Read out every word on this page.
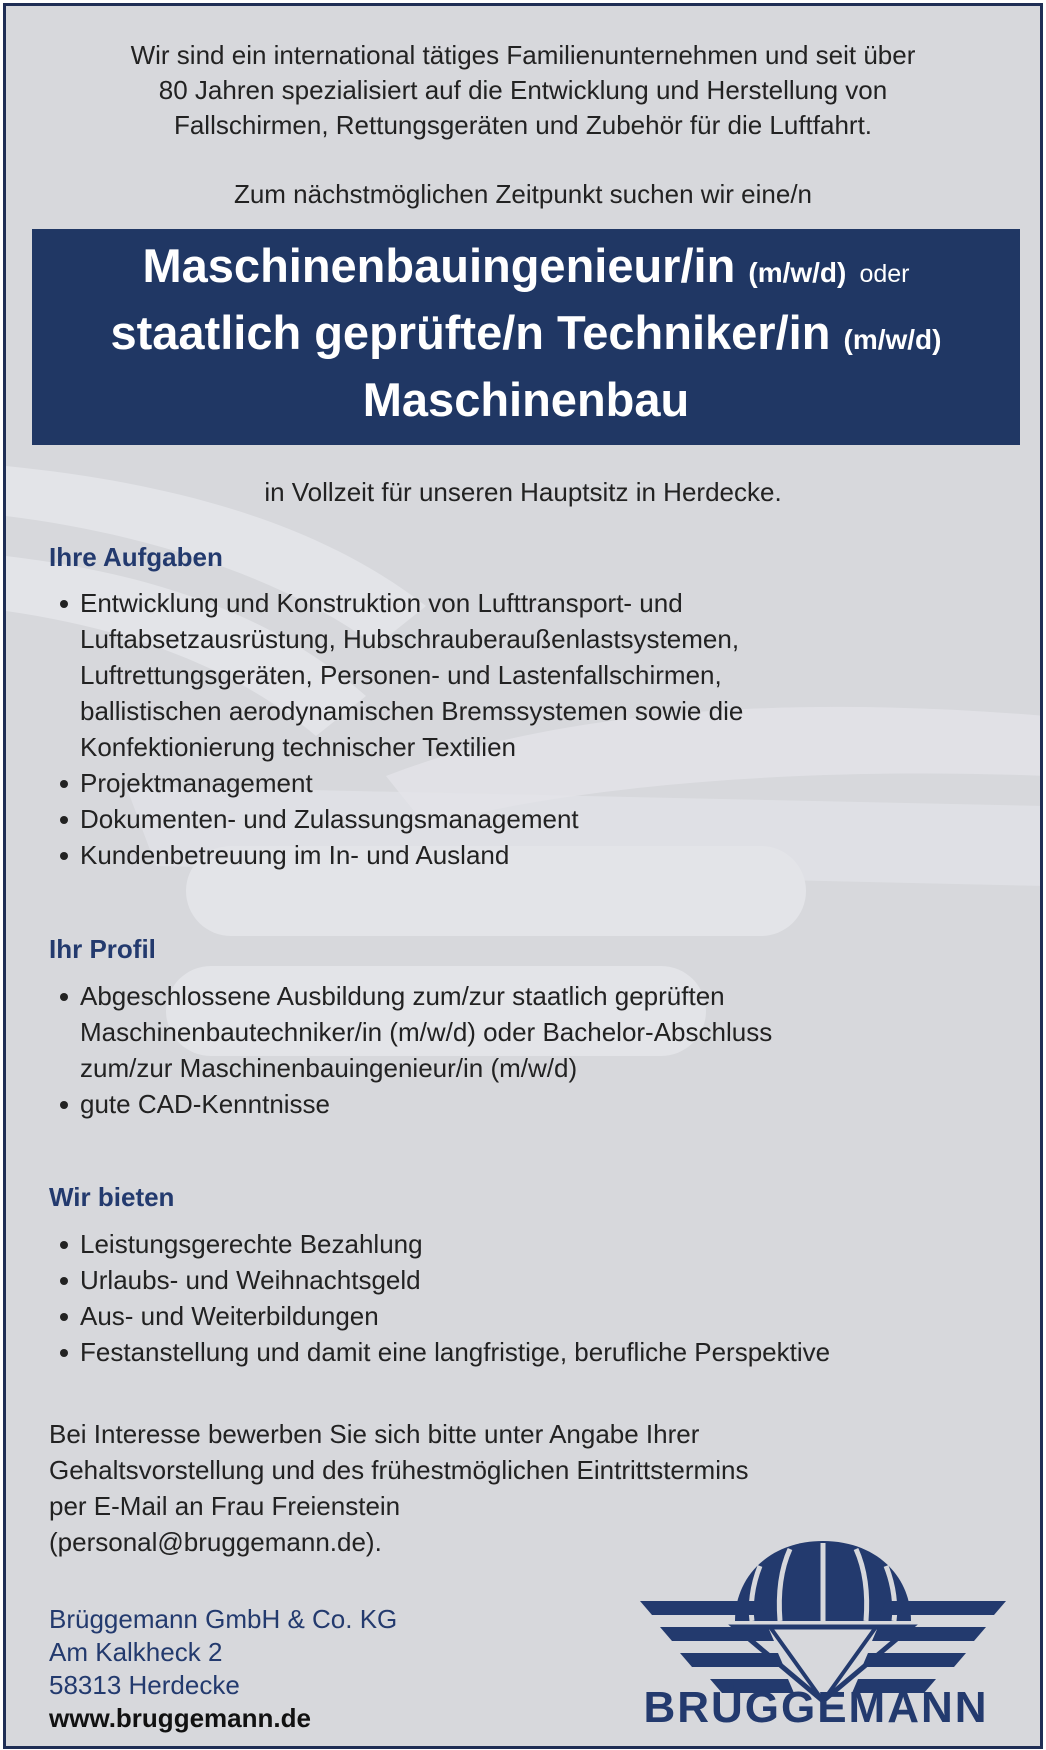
Wir sind ein international tätiges Familienunternehmen und seit über
80 Jahren spezialisiert auf die Entwicklung und Herstellung von
Fallschirmen, Rettungsgeräten und Zubehör für die Luftfahrt.
Zum nächstmöglichen Zeitpunkt suchen wir eine/n
Maschinenbauingenieur/in (m/w/d) oder
staatlich geprüfte/n Techniker/in (m/w/d)
Maschinenbau
in Vollzeit für unseren Hauptsitz in Herdecke.
Ihre Aufgaben
Entwicklung und Konstruktion von Lufttransport- und Luftabsetzausrüstung, Hubschrauberaußenlastsystemen, Luftrettungsgeräten, Personen- und Lastenfallschirmen, ballistischen aerodynamischen Bremssystemen sowie die Konfektionierung technischer Textilien
Projektmanagement
Dokumenten- und Zulassungsmanagement
Kundenbetreuung im In- und Ausland
Ihr Profil
Abgeschlossene Ausbildung zum/zur staatlich geprüften Maschinenbautechniker/in (m/w/d) oder Bachelor-Abschluss zum/zur Maschinenbauingenieur/in (m/w/d)
gute CAD-Kenntnisse
Wir bieten
Leistungsgerechte Bezahlung
Urlaubs- und Weihnachtsgeld
Aus- und Weiterbildungen
Festanstellung und damit eine langfristige, berufliche Perspektive
Bei Interesse bewerben Sie sich bitte unter Angabe Ihrer
Gehaltsvorstellung und des frühestmöglichen Eintrittstermins
per E-Mail an Frau Freienstein
(personal@bruggemann.de).
Brüggemann GmbH & Co. KG
Am Kalkheck 2
58313 Herdecke
www.bruggemann.de	BRÜGGEMANN
